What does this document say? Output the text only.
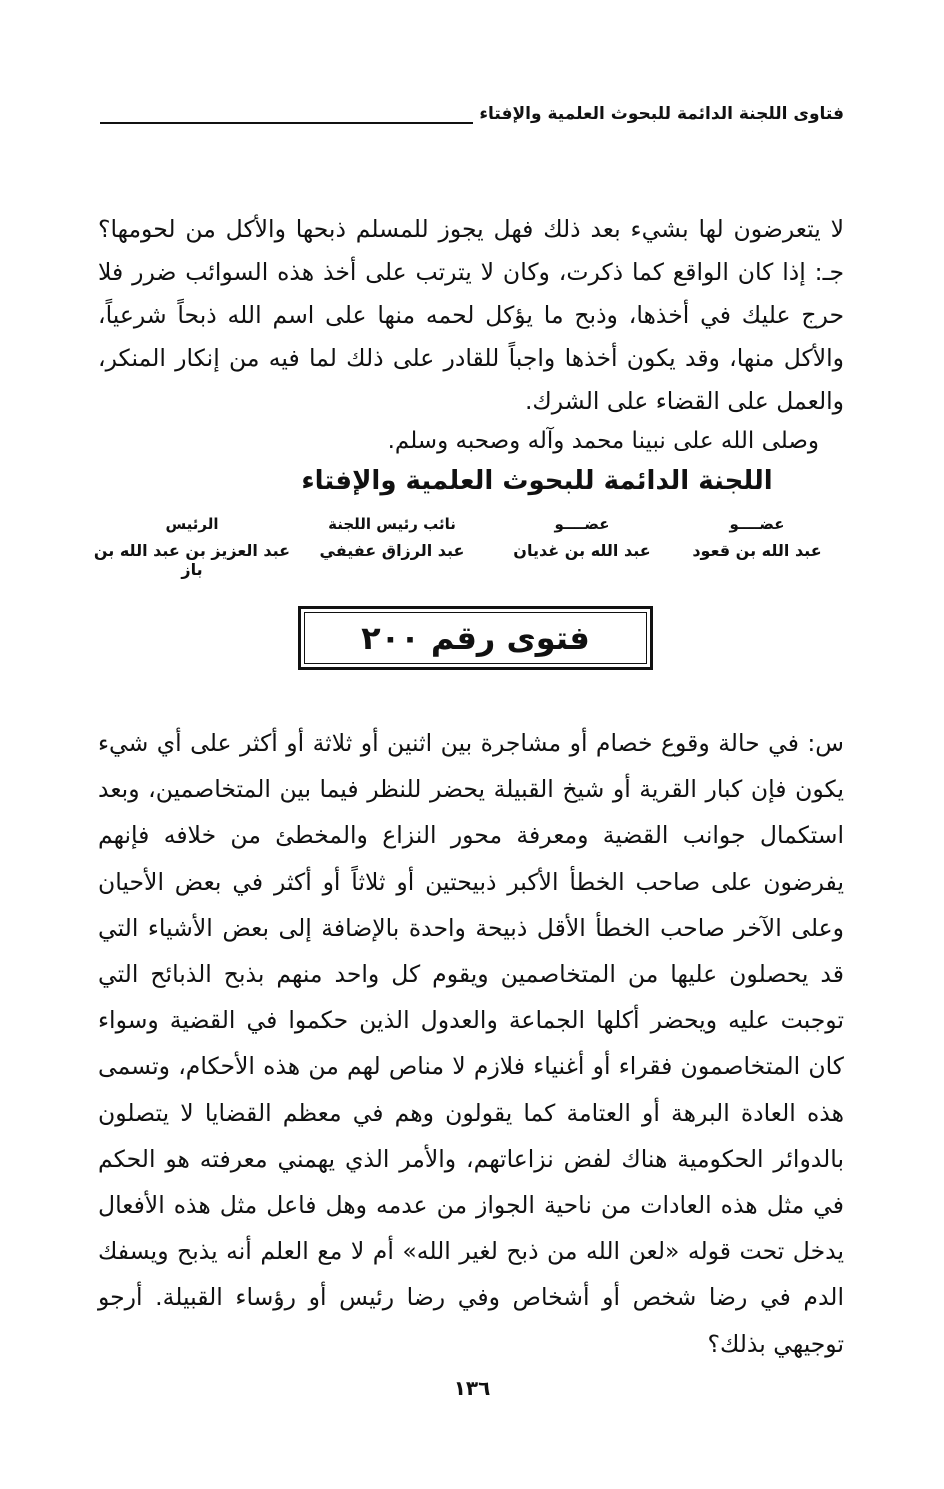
فتاوى اللجنة الدائمة للبحوث العلمية والإفتاء

لا يتعرضون لها بشيء بعد ذلك فهل يجوز للمسلم ذبحها والأكل من لحومها؟ جـ: إذا كان الواقع كما ذكرت، وكان لا يترتب على أخذ هذه السوائب ضرر فلا حرج عليك في أخذها، وذبح ما يؤكل لحمه منها على اسم الله ذبحاً شرعياً، والأكل منها، وقد يكون أخذها واجباً للقادر على ذلك لما فيه من إنكار المنكر، والعمل على القضاء على الشرك.

وصلى الله على نبينا محمد وآله وصحبه وسلم.
اللجنة الدائمة للبحوث العلمية والإفتاء
عضــــو
عبد الله بن قعود
عضــــو
عبد الله بن غديان
نائب رئيس اللجنة
عبد الرزاق عفيفي
الرئيس
عبد العزيز بن عبد الله بن باز
فتوى رقم ٢٠٠

س: في حالة وقوع خصام أو مشاجرة بين اثنين أو ثلاثة أو أكثر على أي شيء يكون فإن كبار القرية أو شيخ القبيلة يحضر للنظر فيما بين المتخاصمين، وبعد استكمال جوانب القضية ومعرفة محور النزاع والمخطئ من خلافه فإنهم يفرضون على صاحب الخطأ الأكبر ذبيحتين أو ثلاثاً أو أكثر في بعض الأحيان وعلى الآخر صاحب الخطأ الأقل ذبيحة واحدة بالإضافة إلى بعض الأشياء التي قد يحصلون عليها من المتخاصمين ويقوم كل واحد منهم بذبح الذبائح التي توجبت عليه ويحضر أكلها الجماعة والعدول الذين حكموا في القضية وسواء كان المتخاصمون فقراء أو أغنياء فلازم لا مناص لهم من هذه الأحكام، وتسمى هذه العادة البرهة أو العتامة كما يقولون وهم في معظم القضايا لا يتصلون بالدوائر الحكومية هناك لفض نزاعاتهم، والأمر الذي يهمني معرفته هو الحكم في مثل هذه العادات من ناحية الجواز من عدمه وهل فاعل مثل هذه الأفعال يدخل تحت قوله «لعن الله من ذبح لغير الله» أم لا مع العلم أنه يذبح ويسفك الدم في رضا شخص أو أشخاص وفي رضا رئيس أو رؤساء القبيلة. أرجو توجيهي بذلك؟

١٣٦
